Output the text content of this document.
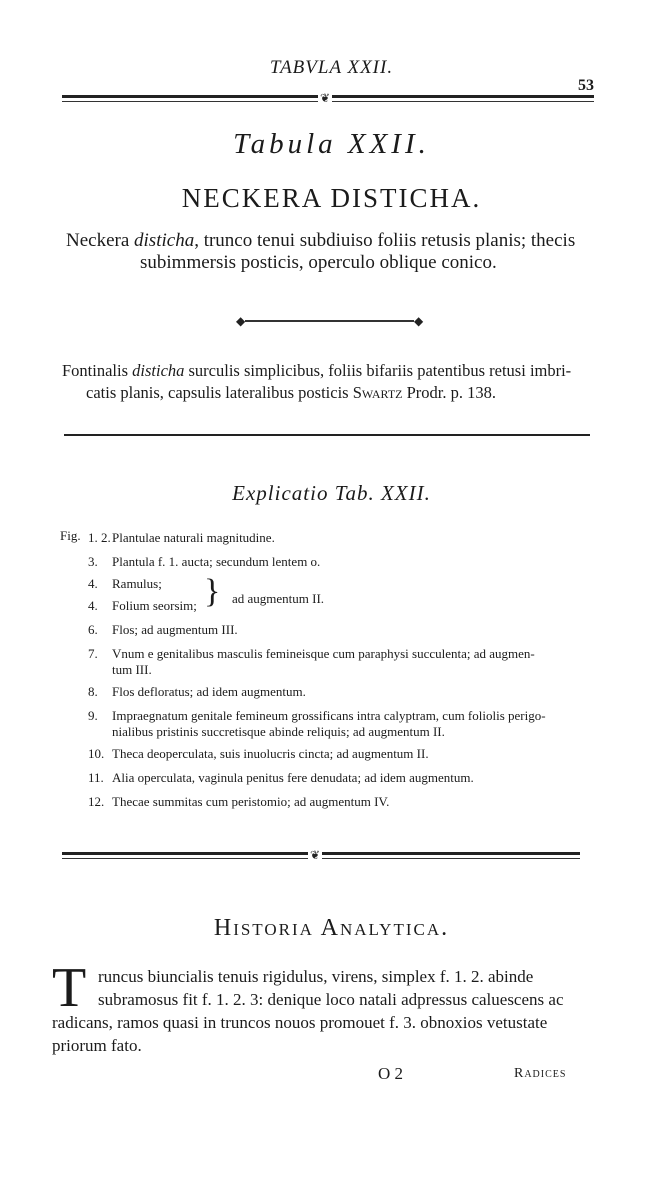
TABVLA XXII.
53
❦
Tabula XXII.
NECKERA DISTICHA.
Neckera disticha, trunco tenui subdiuiso foliis retusis planis; thecis
subimmersis posticis, operculo oblique conico.
◆	◆
Fontinalis disticha surculis simplicibus, foliis bifariis patentibus retusi imbri-
catis planis, capsulis lateralibus posticis Swartz Prodr. p. 138.
Explicatio Tab. XXII.
Fig. 1. 2.Plantulae naturali magnitudine.
3. Plantula f. 1. aucta; secundum lentem o.
4. Ramulus;
4. Folium seorsim; } ad augmentum II.
6. Flos; ad augmentum III.
7. Vnum e genitalibus masculis femineisque cum paraphysi succulenta; ad augmen-
tum III.
8. Flos defloratus; ad idem augmentum.
9. Impraegnatum genitale femineum grossificans intra calyptram, cum foliolis perigo-
nialibus pristinis succretisque abinde reliquis; ad augmentum II.
10. Theca deoperculata, suis inuolucris cincta; ad augmentum II.
11. Alia operculata, vaginula penitus fere denudata; ad idem augmentum.
12. Thecae summitas cum peristomio; ad augmentum IV.
❦
Historia Analytica.
T runcus biuncialis tenuis rigidulus, virens, simplex f. 1. 2. abinde
subramosus fit f. 1. 2. 3: denique loco natali adpressus caluescens ac
radicans, ramos quasi in truncos nouos promouet f. 3. obnoxios vetustate
priorum fato.
O 2	Radices
